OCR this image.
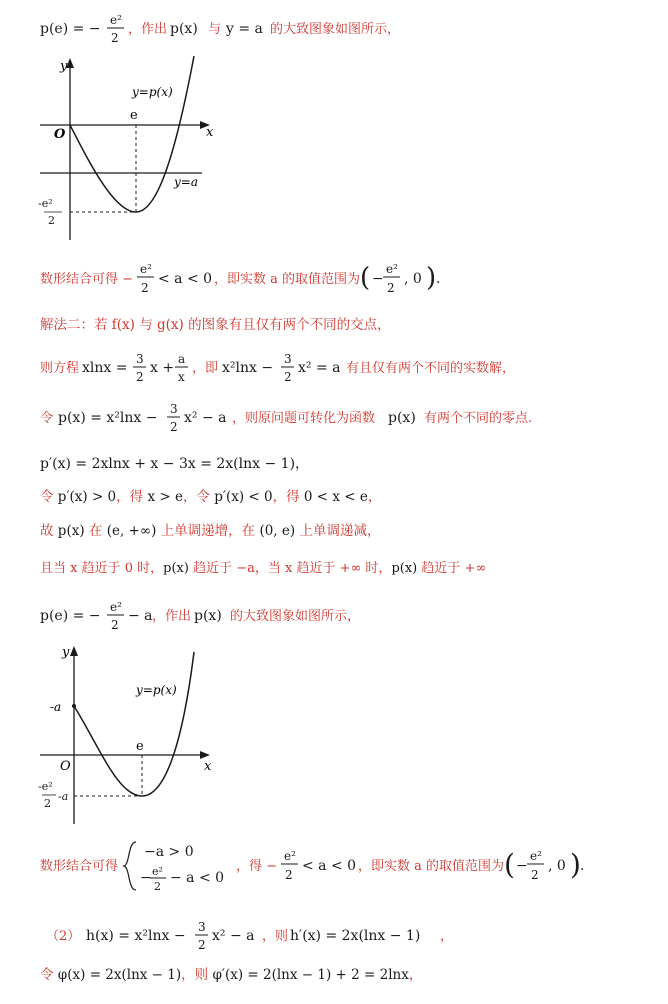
p(e) = −
e²
2
，作出 p(x) 与 y = a 的大致图象如图所示，
y
x
O
y=a
e
y=p(x)
-e²
2
数形结合可得 −
e²
2
< a < 0 ，即实数 a 的取值范围为 ( −
e²
2
, 0 ) .
解法二：若 f(x) 与 g(x) 的图象有且仅有两个不同的交点，
则方程 xlnx =
3
2
x +
a
x
，即 x²lnx −
3
2
x² = a 有且仅有两个不同的实数解，
令 p(x) = x²lnx −
3
2
x² − a ，则原问题可转化为函数 p(x) 有两个不同的零点.
p′(x) = 2xlnx + x − 3x = 2x(lnx − 1)，
令 p′(x) > 0，得 x > e，令 p′(x) < 0，得 0 < x < e，
故 p(x) 在 (e, +∞) 上单调递增，在 (0, e) 上单调递减，
且当 x 趋近于 0 时，p(x) 趋近于 −a，当 x 趋近于 +∞ 时，p(x) 趋近于 +∞
p(e) = −
e²
2
− a ，作出 p(x) 的大致图象如图所示，
y
x
O
-a
e
y=p(x)
-e²
2
-a
数形结合可得
−a > 0
− e²
2
− a < 0
，得 −
e²
2
< a < 0 ，即实数 a 的取值范围为 ( −
e²
2
, 0 ) .
（2） h(x) = x²lnx −
3
2
x² − a ，则 h′(x) = 2x(lnx − 1) ，
令 φ(x) = 2x(lnx − 1)，则 φ′(x) = 2(lnx − 1) + 2 = 2lnx，
